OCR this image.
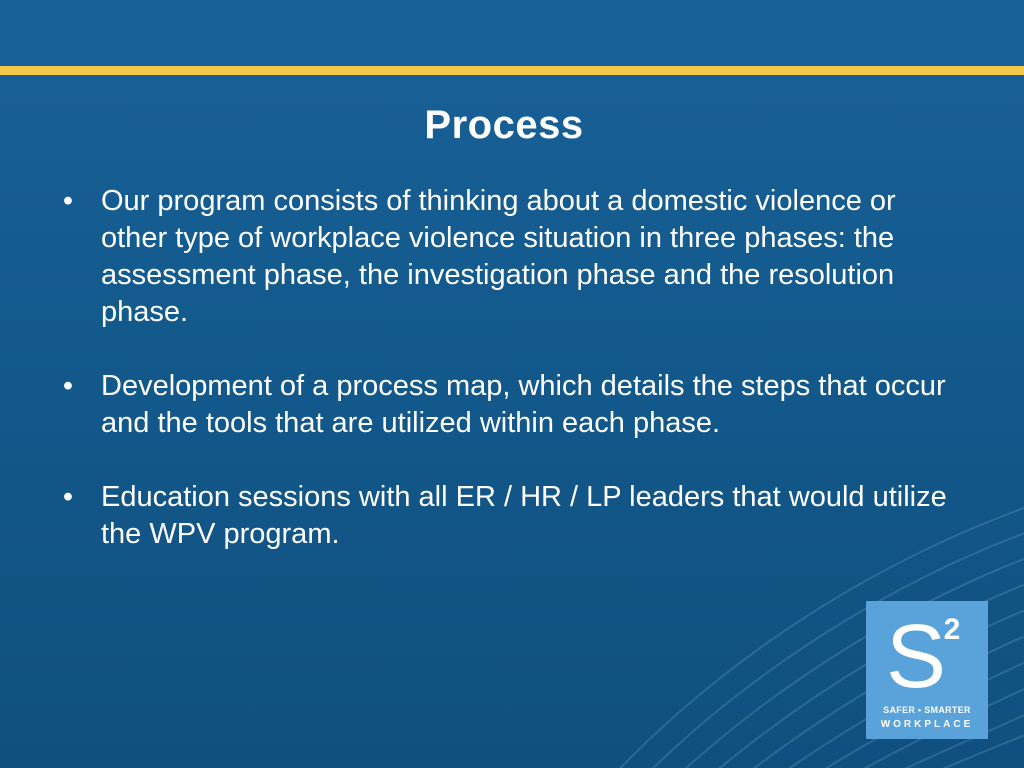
Process
• Our program consists of thinking about a domestic violence or other type of workplace violence situation in three phases: the assessment phase, the investigation phase and the resolution phase.
• Development of a process map, which details the steps that occur and the tools that are utilized within each phase.
• Education sessions with all ER / HR / LP leaders that would utilize the WPV program.
S
2
SAFER • SMARTER
WORKPLACE
